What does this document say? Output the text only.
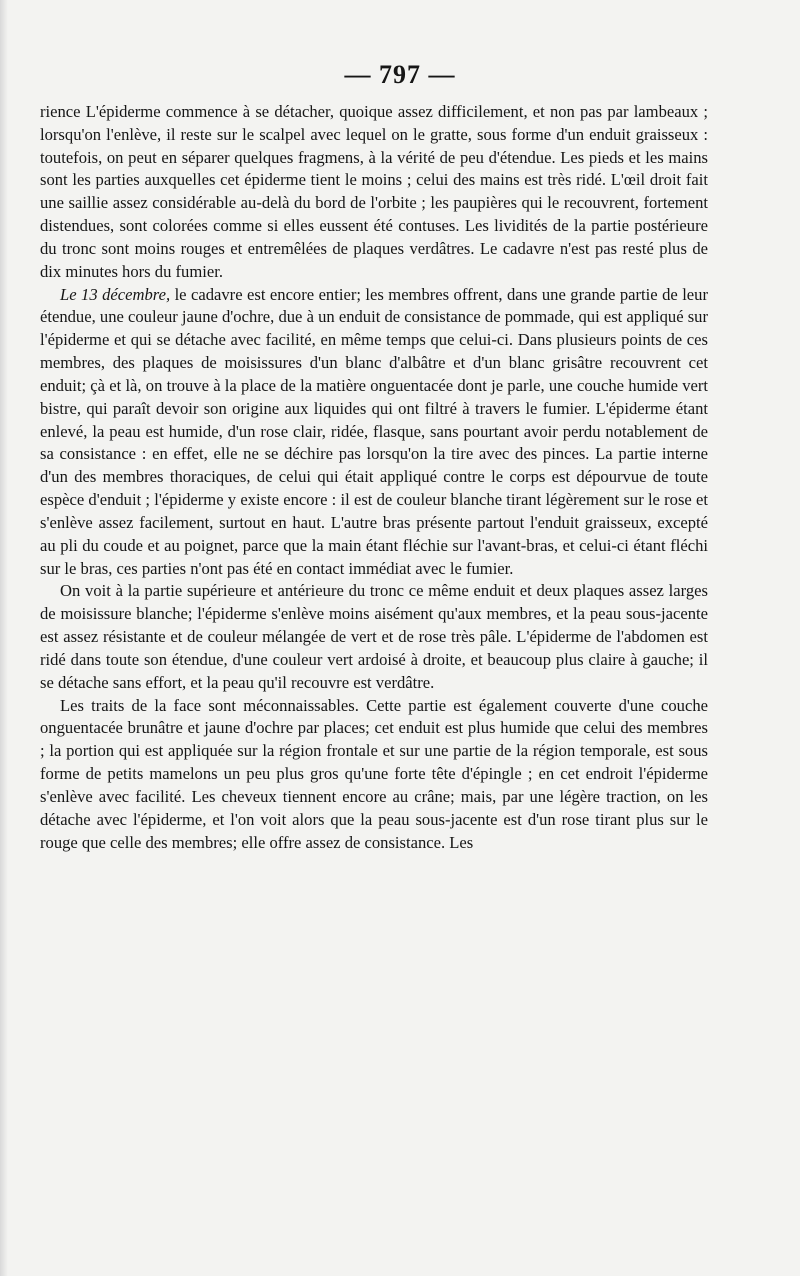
— 797 —

rience L'épiderme commence à se détacher, quoique assez difficilement, et non pas par lambeaux ; lorsqu'on l'enlève, il reste sur le scalpel avec lequel on le gratte, sous forme d'un enduit graisseux : toutefois, on peut en séparer quelques fragmens, à la vérité de peu d'étendue. Les pieds et les mains sont les parties auxquelles cet épiderme tient le moins ; celui des mains est très ridé. L'œil droit fait une saillie assez considérable au-delà du bord de l'orbite ; les paupières qui le recouvrent, fortement distendues, sont colorées comme si elles eussent été contuses. Les lividités de la partie postérieure du tronc sont moins rouges et entremêlées de plaques verdâtres. Le cadavre n'est pas resté plus de dix minutes hors du fumier.

Le 13 décembre, le cadavre est encore entier; les membres offrent, dans une grande partie de leur étendue, une couleur jaune d'ochre, due à un enduit de consistance de pommade, qui est appliqué sur l'épiderme et qui se détache avec facilité, en même temps que celui-ci. Dans plusieurs points de ces membres, des plaques de moisissures d'un blanc d'albâtre et d'un blanc grisâtre recouvrent cet enduit; çà et là, on trouve à la place de la matière onguentacée dont je parle, une couche humide vert bistre, qui paraît devoir son origine aux liquides qui ont filtré à travers le fumier. L'épiderme étant enlevé, la peau est humide, d'un rose clair, ridée, flasque, sans pourtant avoir perdu notablement de sa consistance : en effet, elle ne se déchire pas lorsqu'on la tire avec des pinces. La partie interne d'un des membres thoraciques, de celui qui était appliqué contre le corps est dépourvue de toute espèce d'enduit ; l'épiderme y existe encore : il est de couleur blanche tirant légèrement sur le rose et s'enlève assez facilement, surtout en haut. L'autre bras présente partout l'enduit graisseux, excepté au pli du coude et au poignet, parce que la main étant fléchie sur l'avant-bras, et celui-ci étant fléchi sur le bras, ces parties n'ont pas été en contact immédiat avec le fumier.

On voit à la partie supérieure et antérieure du tronc ce même enduit et deux plaques assez larges de moisissure blanche; l'épiderme s'enlève moins aisément qu'aux membres, et la peau sous-jacente est assez résistante et de couleur mélangée de vert et de rose très pâle. L'épiderme de l'abdomen est ridé dans toute son étendue, d'une couleur vert ardoisé à droite, et beaucoup plus claire à gauche; il se détache sans effort, et la peau qu'il recouvre est verdâtre.

Les traits de la face sont méconnaissables. Cette partie est également couverte d'une couche onguentacée brunâtre et jaune d'ochre par places; cet enduit est plus humide que celui des membres ; la portion qui est appliquée sur la région frontale et sur une partie de la région temporale, est sous forme de petits mamelons un peu plus gros qu'une forte tête d'épingle ; en cet endroit l'épiderme s'enlève avec facilité. Les cheveux tiennent encore au crâne; mais, par une légère traction, on les détache avec l'épiderme, et l'on voit alors que la peau sous-jacente est d'un rose tirant plus sur le rouge que celle des membres; elle offre assez de consistance. Les
